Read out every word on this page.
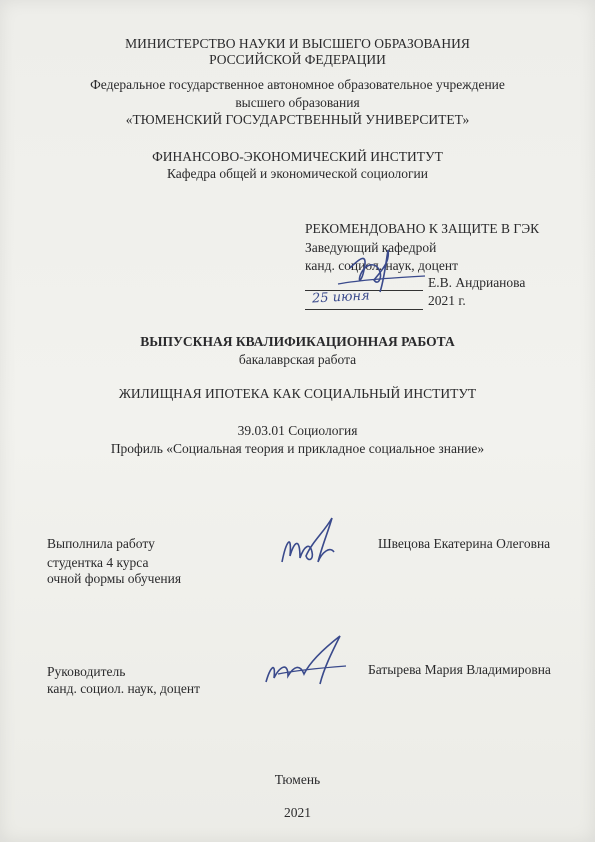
МИНИСТЕРСТВО НАУКИ И ВЫСШЕГО ОБРАЗОВАНИЯ
РОССИЙСКОЙ ФЕДЕРАЦИИ
Федеральное государственное автономное образовательное учреждение
высшего образования
«ТЮМЕНСКИЙ ГОСУДАРСТВЕННЫЙ УНИВЕРСИТЕТ»
ФИНАНСОВО-ЭКОНОМИЧЕСКИЙ ИНСТИТУТ
Кафедра общей и экономической социологии
РЕКОМЕНДОВАНО К ЗАЩИТЕ В ГЭК
Заведующий кафедрой
канд. социол. наук, доцент
Е.В. Андрианова
2021 г.
25 июня
ВЫПУСКНАЯ КВАЛИФИКАЦИОННАЯ РАБОТА
бакалаврская работа
ЖИЛИЩНАЯ ИПОТЕКА КАК СОЦИАЛЬНЫЙ ИНСТИТУТ
39.03.01 Социология
Профиль «Социальная теория и прикладное социальное знание»
Выполнила работу
студентка 4 курса
очной формы обучения
Швецова Екатерина Олеговна
Руководитель
канд. социол. наук, доцент
Батырева Мария Владимировна
Тюмень
2021
